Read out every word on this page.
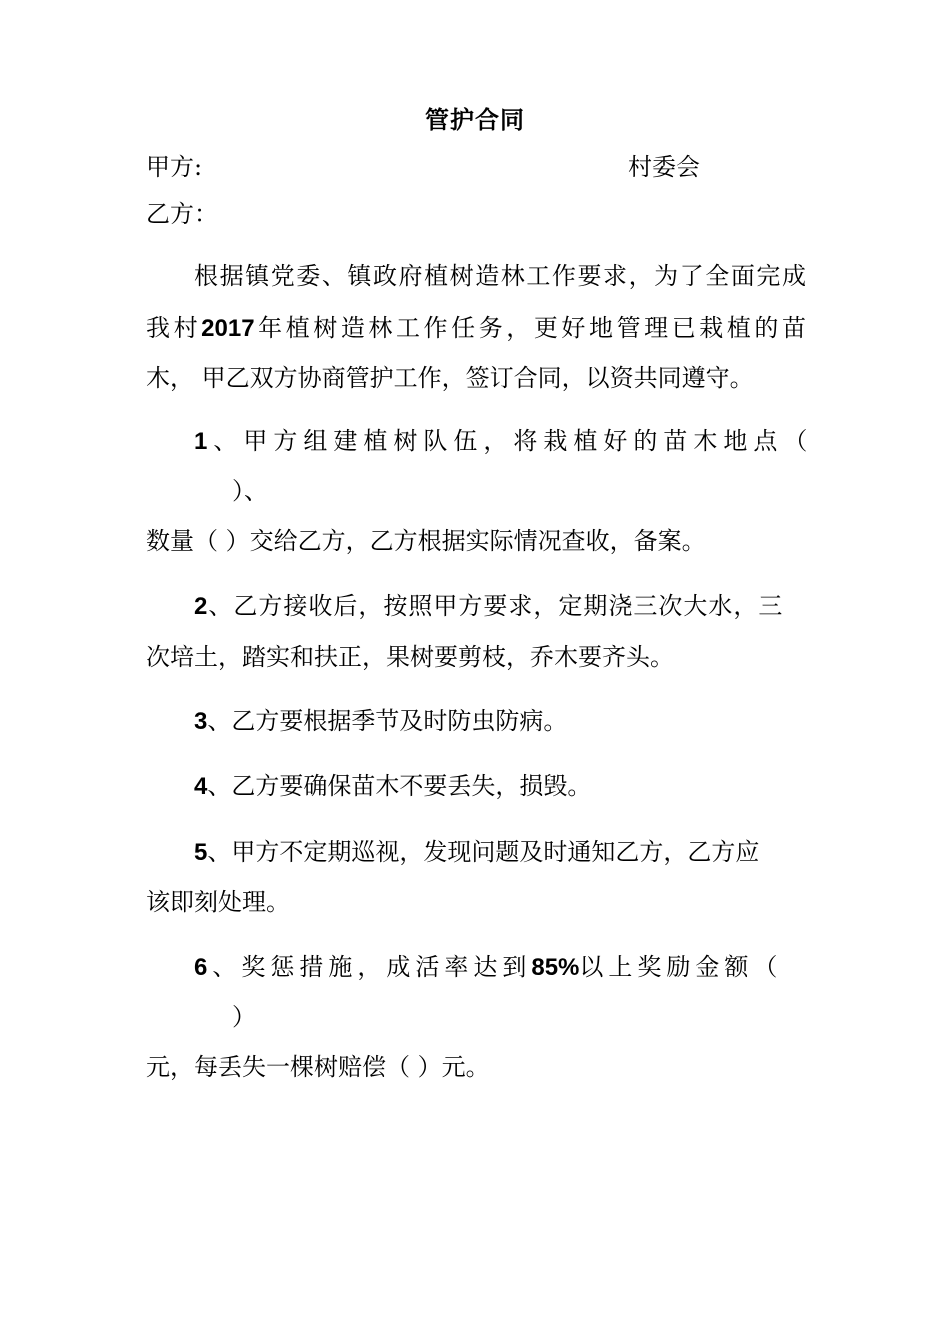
管护合同
甲方:	村委会
乙方：
根据镇党委、镇政府植树造林工作要求，为了全面完成
我村2017年植树造林工作任务，更好地管理已栽植的苗
木， 甲乙双方协商管护工作，签订合同，以资共同遵守。
1、甲方组建植树队伍，将栽植好的苗木地点（
）、
数量（ ）交给乙方，乙方根据实际情况查收，备案。
2、乙方接收后，按照甲方要求，定期浇三次大水，三
次培土，踏实和扶正，果树要剪枝，乔木要齐头。
3、乙方要根据季节及时防虫防病。
4、乙方要确保苗木不要丢失，损毁。
5、甲方不定期巡视，发现问题及时通知乙方，乙方应
该即刻处理。
6、奖惩措施，成活率达到85%以上奖励金额（
）
元，每丢失一棵树赔偿（ ）元。
